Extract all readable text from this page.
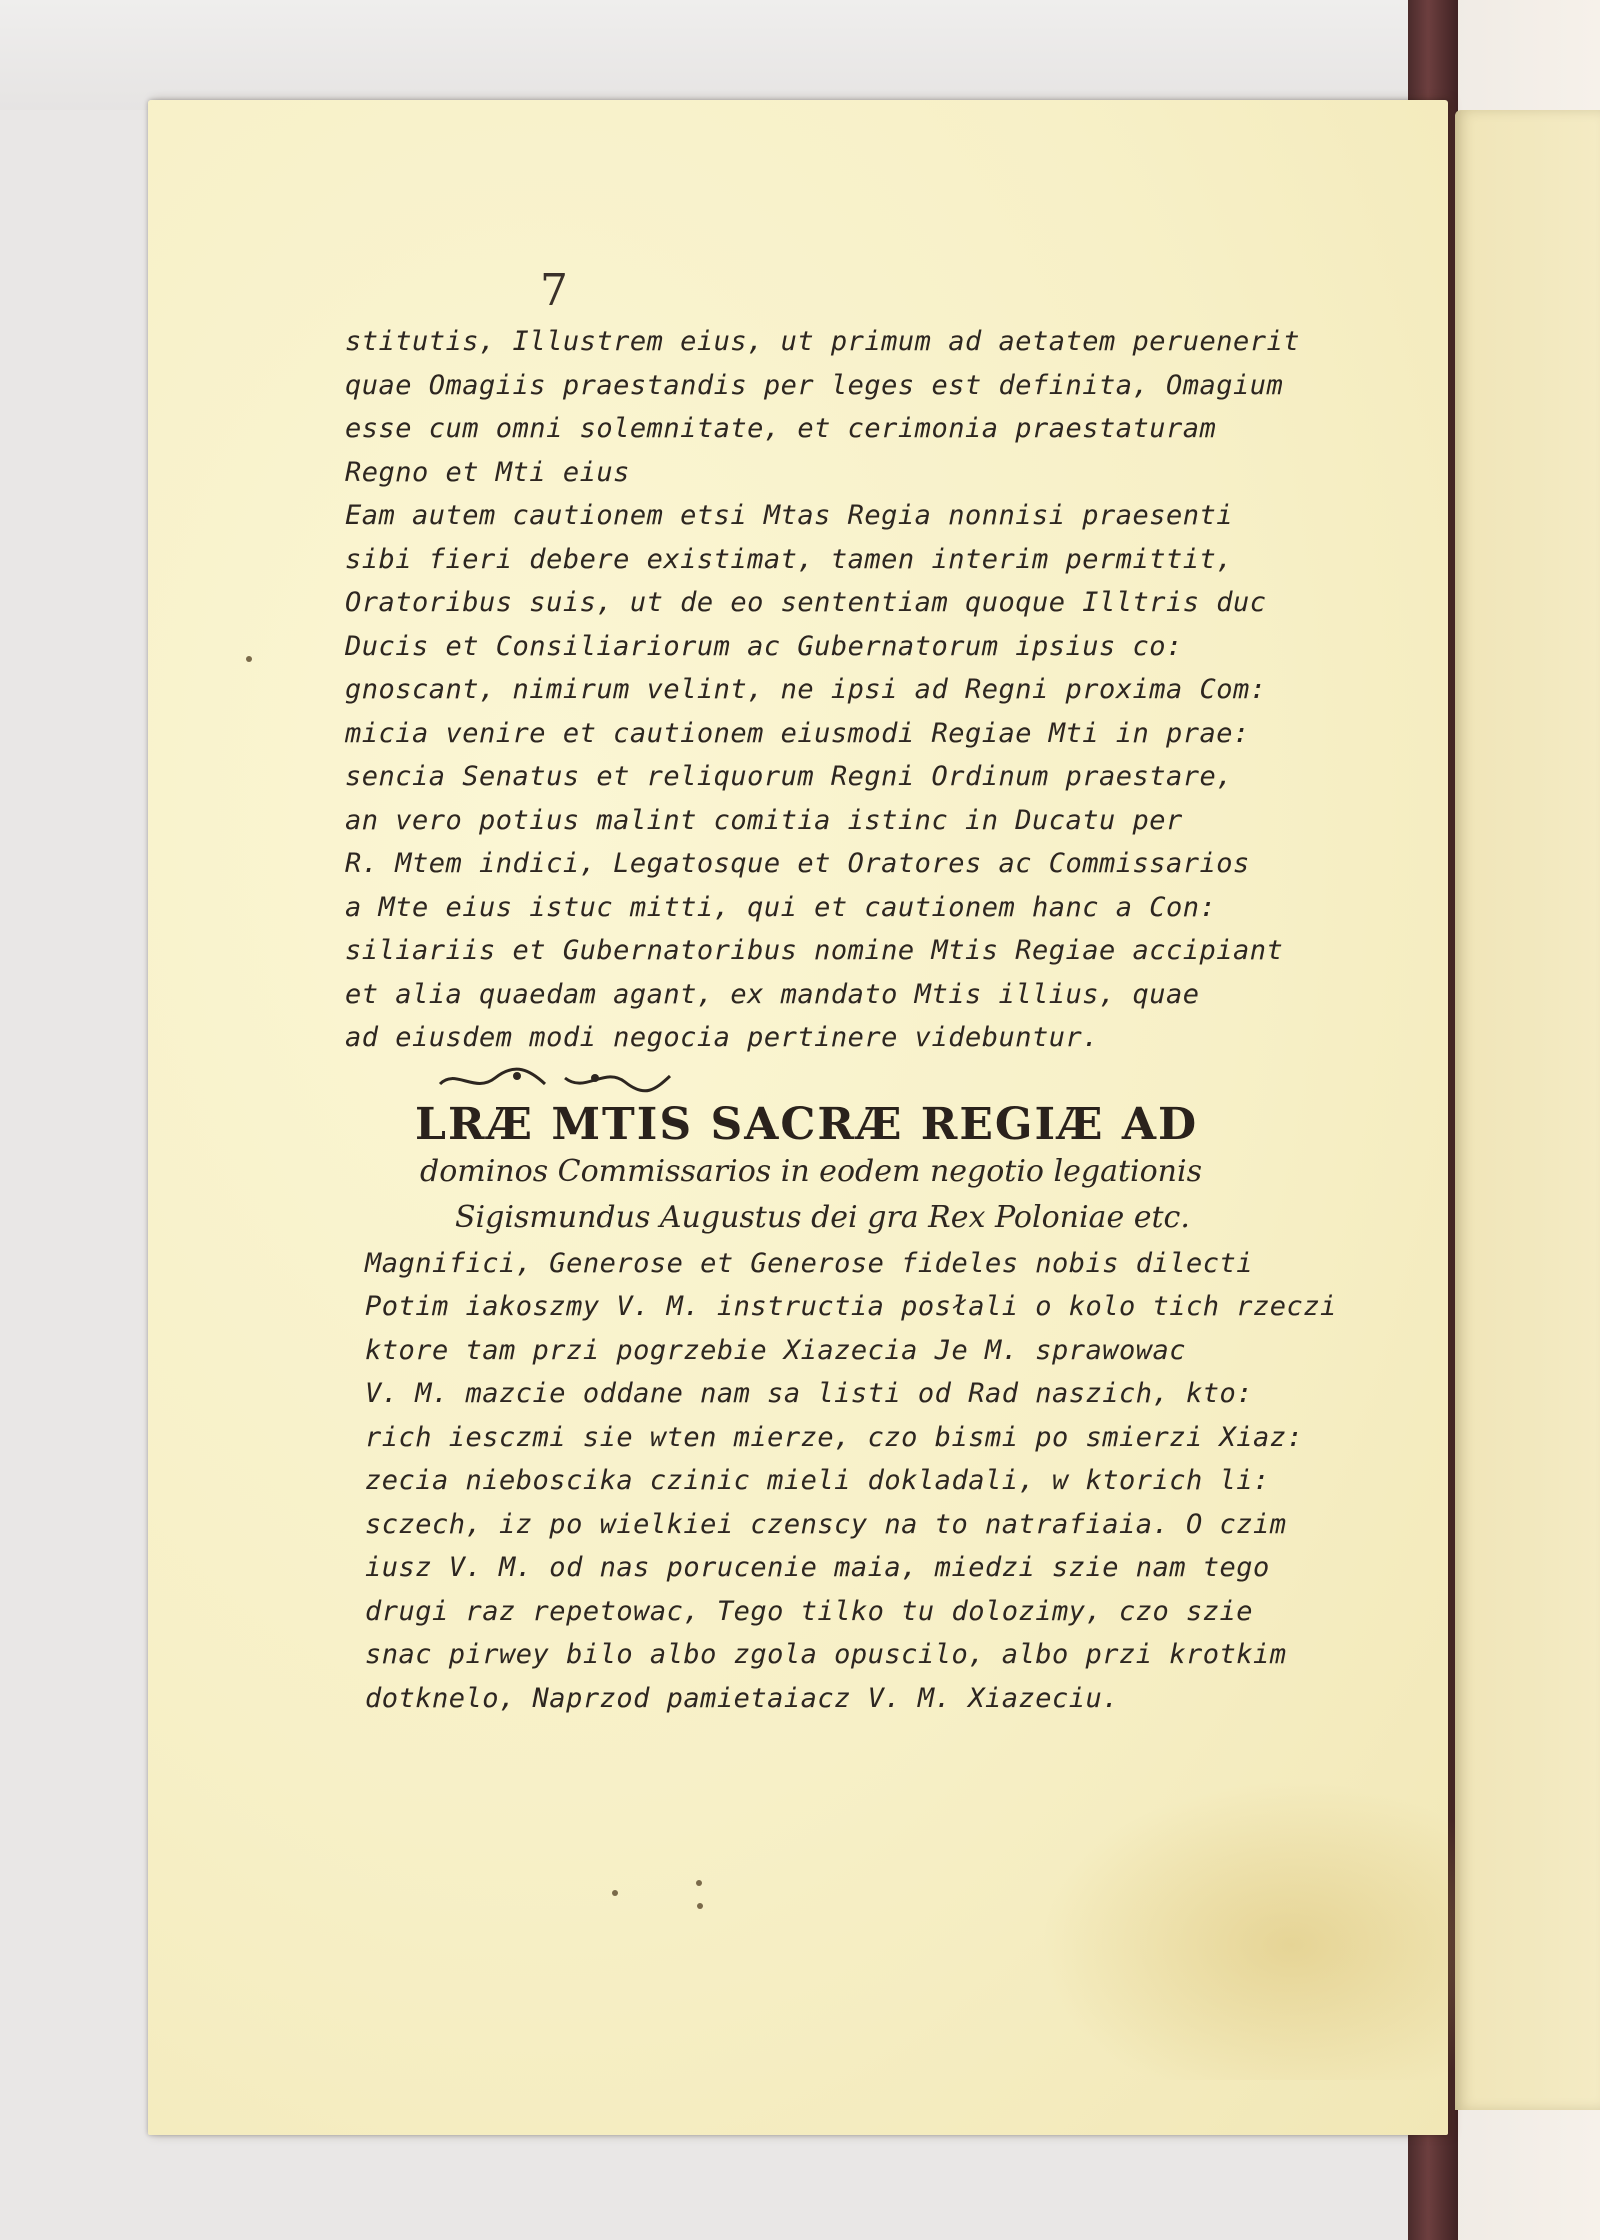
7
stitutis, Illustrem eius, ut primum ad aetatem peruenerit
quae Omagiis praestandis per leges est definita, Omagium
esse cum omni solemnitate, et cerimonia praestaturam
Regno et Mti eius
Eam autem cautionem etsi Mtas Regia nonnisi praesenti
sibi fieri debere existimat, tamen interim permittit,
Oratoribus suis, ut de eo sententiam quoque Illtris duc
Ducis et Consiliariorum ac Gubernatorum ipsius co:
gnoscant, nimirum velint, ne ipsi ad Regni proxima Com:
micia venire et cautionem eiusmodi Regiae Mti in prae:
sencia Senatus et reliquorum Regni Ordinum praestare,
an vero potius malint comitia istinc in Ducatu per
R. Mtem indici, Legatosque et Oratores ac Commissarios
a Mte eius istuc mitti, qui et cautionem hanc a Con:
siliariis et Gubernatoribus nomine Mtis Regiae accipiant
et alia quaedam agant, ex mandato Mtis illius, quae
ad eiusdem modi negocia pertinere videbuntur.
LRÆ MTIS SACRÆ REGIÆ AD
dominos Commissarios in eodem negotio legationis
Sigismundus Augustus dei gra Rex Poloniae etc.
Magnifici, Generose et Generose fideles nobis dilecti
Potim iakoszmy V. M. instructia posłali o kolo tich rzeczi
ktore tam przi pogrzebie Xiazecia Je M. sprawowac
V. M. mazcie oddane nam sa listi od Rad naszich, kto:
rich iesczmi sie wten mierze, czo bismi po smierzi Xiaz:
zecia nieboscika czinic mieli dokladali, w ktorich li:
sczech, iz po wielkiei czenscy na to natrafiaia. O czim
iusz V. M. od nas porucenie maia, miedzi szie nam tego
drugi raz repetowac, Tego tilko tu dolozimy, czo szie
snac pirwey bilo albo zgola opuscilo, albo przi krotkim
dotknelo, Naprzod pamietaiacz V. M. Xiazeciu.
